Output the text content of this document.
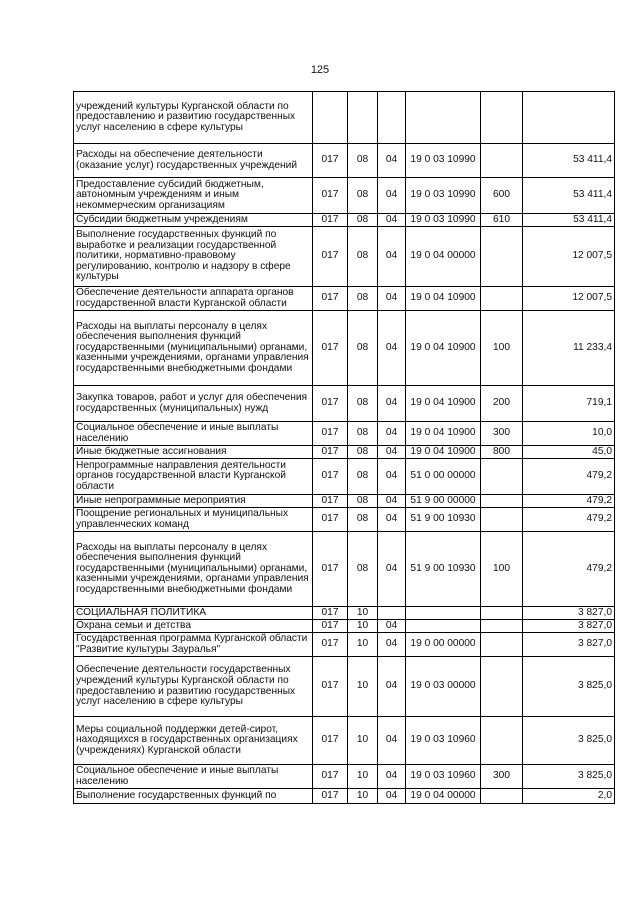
125
учреждений культуры Курганской области по предоставлению и развитию государственных услуг населению в сфере культуры						
Расходы на обеспечение деятельности (оказание услуг) государственных учреждений	017	08	04	19 0 03 10990		53 411,4
Предоставление субсидий бюджетным, автономным учреждениям и иным некоммерческим организациям	017	08	04	19 0 03 10990	600	53 411,4
Субсидии бюджетным учреждениям	017	08	04	19 0 03 10990	610	53 411,4
Выполнение государственных функций по выработке и реализации государственной политики, нормативно-правовому регулированию, контролю и надзору в сфере культуры	017	08	04	19 0 04 00000		12 007,5
Обеспечение деятельности аппарата органов государственной власти Курганской области	017	08	04	19 0 04 10900		12 007,5
Расходы на выплаты персоналу в целях обеспечения выполнения функций государственными (муниципальными) органами, казенными учреждениями, органами управления государственными внебюджетными фондами	017	08	04	19 0 04 10900	100	11 233,4
Закупка товаров, работ и услуг для обеспечения государственных (муниципальных) нужд	017	08	04	19 0 04 10900	200	719,1
Социальное обеспечение и иные выплаты населению	017	08	04	19 0 04 10900	300	10,0
Иные бюджетные ассигнования	017	08	04	19 0 04 10900	800	45,0
Непрограммные направления деятельности органов государственной власти Курганской области	017	08	04	51 0 00 00000		479,2
Иные непрограммные мероприятия	017	08	04	51 9 00 00000		479,2
Поощрение региональных и муниципальных управленческих команд	017	08	04	51 9 00 10930		479,2
Расходы на выплаты персоналу в целях обеспечения выполнения функций государственными (муниципальными) органами, казенными учреждениями, органами управления государственными внебюджетными фондами	017	08	04	51 9 00 10930	100	479,2
СОЦИАЛЬНАЯ ПОЛИТИКА	017	10				3 827,0
Охрана семьи и детства	017	10	04			3 827,0
Государственная программа Курганской области "Развитие культуры Зауралья"	017	10	04	19 0 00 00000		3 827,0
Обеспечение деятельности государственных учреждений культуры Курганской области по предоставлению и развитию государственных услуг населению в сфере культуры	017	10	04	19 0 03 00000		3 825,0
Меры социальной поддержки детей-сирот, находящихся в государственных организациях (учреждениях) Курганской области	017	10	04	19 0 03 10960		3 825,0
Социальное обеспечение и иные выплаты населению	017	10	04	19 0 03 10960	300	3 825,0
Выполнение государственных функций по	017	10	04	19 0 04 00000		2,0
